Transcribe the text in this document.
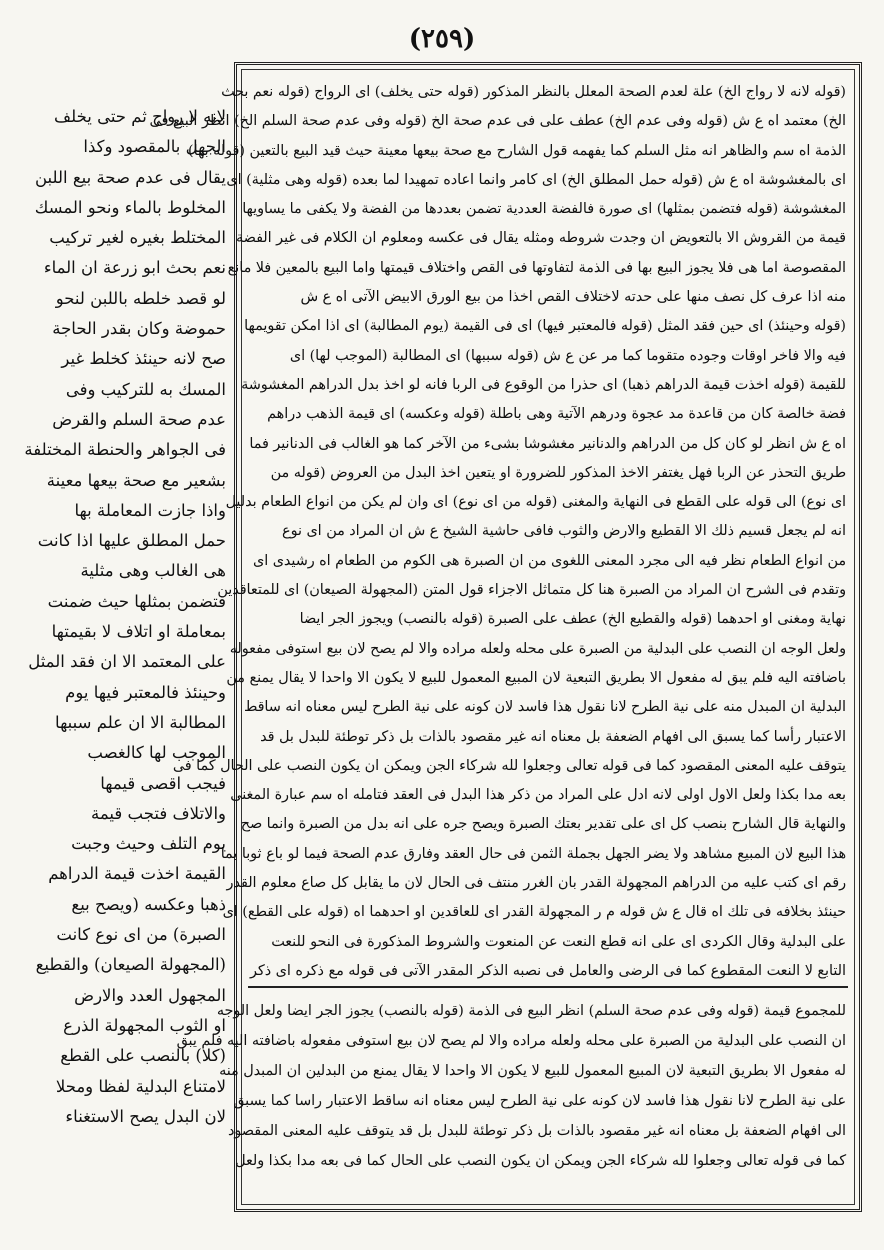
(٢٥٩)
لانه لا رواج ثم حتى يخلف
الجهل بالمقصود وكذا
يقال فى عدم صحة بيع اللبن
المخلوط بالماء ونحو المسك
المختلط بغيره لغير تركيب
نعم بحث ابو زرعة ان الماء
لو قصد خلطه باللبن لنحو
حموضة وكان بقدر الحاجة
صح لانه حينئذ كخلط غير
المسك به للتركيب وفى
عدم صحة السلم والقرض
فى الجواهر والحنطة المختلفة
بشعير مع صحة بيعها معينة
واذا جازت المعاملة بها
حمل المطلق عليها اذا كانت
هى الغالب وهى مثلية
فتضمن بمثلها حيث ضمنت
بمعاملة او اتلاف لا بقيمتها
على المعتمد الا ان فقد المثل
وحينئذ فالمعتبر فيها يوم
المطالبة الا ان علم سببها
الموجب لها كالغصب
فيجب اقصى قيمها
والاتلاف فتجب قيمة
يوم التلف وحيث وجبت
القيمة اخذت قيمة الدراهم
ذهبا وعكسه (ويصح بيع
الصبرة) من اى نوع كانت
(المجهولة الصيعان) والقطيع
المجهول العدد والارض
او الثوب المجهولة الذرع
(كلا) بالنصب على القطع
لامتناع البدلية لفظا ومحلا
لان البدل يصح الاستغناء
(قوله لانه لا رواج الخ) علة لعدم الصحة المعلل بالنظر المذكور (قوله حتى يخلف) اى الرواج (قوله نعم بحث
الخ) معتمد اه ع ش (قوله وفى عدم الخ) عطف على فى عدم صحة الخ (قوله وفى عدم صحة السلم الخ) انظر البيع فى
الذمة اه سم والظاهر انه مثل السلم كما يفهمه قول الشارح مع صحة بيعها معينة حيث قيد البيع بالتعين (قوله بها)
اى بالمغشوشة اه ع ش (قوله حمل المطلق الخ) اى كامر وانما اعاده تمهيدا لما بعده (قوله وهى مثلية) اى
المغشوشة (قوله فتضمن بمثلها) اى صورة فالفضة العددية تضمن بعددها من الفضة ولا يكفى ما يساويها
قيمة من القروش الا بالتعويض ان وجدت شروطه ومثله يقال فى عكسه ومعلوم ان الكلام فى غير الفضة
المقصوصة اما هى فلا يجوز البيع بها فى الذمة لتفاوتها فى القص واختلاف قيمتها واما البيع بالمعين فلا مانع
منه اذا عرف كل نصف منها على حدته لاختلاف القص اخذا من بيع الورق الابيض الآتى اه ع ش
(قوله وحينئذ) اى حين فقد المثل (قوله فالمعتبر فيها) اى فى القيمة (يوم المطالبة) اى اذا امكن تقويمها
فيه والا فاخر اوقات وجوده متقوما كما مر عن ع ش (قوله سببها) اى المطالبة (الموجب لها) اى
للقيمة (قوله اخذت قيمة الدراهم ذهبا) اى حذرا من الوقوع فى الربا فانه لو اخذ بدل الدراهم المغشوشة
فضة خالصة كان من قاعدة مد عجوة ودرهم الآتية وهى باطلة (قوله وعكسه) اى قيمة الذهب دراهم
اه ع ش انظر لو كان كل من الدراهم والدنانير مغشوشا بشىء من الآخر كما هو الغالب فى الدنانير فما
طريق التحذر عن الربا فهل يغتفر الاخذ المذكور للضرورة او يتعين اخذ البدل من العروض (قوله من
اى نوع) الى قوله على القطع فى النهاية والمغنى (قوله من اى نوع) اى وان لم يكن من انواع الطعام بدليل
انه لم يجعل قسيم ذلك الا القطيع والارض والثوب فافى حاشية الشيخ ع ش ان المراد من اى نوع
من انواع الطعام نظر فيه الى مجرد المعنى اللغوى من ان الصبرة هى الكوم من الطعام اه رشيدى اى
وتقدم فى الشرح ان المراد من الصبرة هنا كل متماثل الاجزاء قول المتن (المجهولة الصيعان) اى للمتعاقدين
نهاية ومغنى او احدهما (قوله والقطيع الخ) عطف على الصبرة (قوله بالنصب) ويجوز الجر ايضا
ولعل الوجه ان النصب على البدلية من الصبرة على محله ولعله مراده والا لم يصح لان بيع استوفى مفعوله
باضافته اليه فلم يبق له مفعول الا بطريق التبعية لان المبيع المعمول للبيع لا يكون الا واحدا لا يقال يمنع من
البدلية ان المبدل منه على نية الطرح لانا نقول هذا فاسد لان كونه على نية الطرح ليس معناه انه ساقط
الاعتبار رأسا كما يسبق الى افهام الضعفة بل معناه انه غير مقصود بالذات بل ذكر توطئة للبدل بل قد
يتوقف عليه المعنى المقصود كما فى قوله تعالى وجعلوا لله شركاء الجن ويمكن ان يكون النصب على الحال كما فى
بعه مدا بكذا ولعل الاول اولى لانه ادل على المراد من ذكر هذا البدل فى العقد فتامله اه سم عبارة المغنى
والنهاية قال الشارح بنصب كل اى على تقدير بعتك الصبرة ويصح جره على انه بدل من الصبرة وانما صح
هذا البيع لان المبيع مشاهد ولا يضر الجهل بجملة الثمن فى حال العقد وفارق عدم الصحة فيما لو باع ثوبا بما
رقم اى كتب عليه من الدراهم المجهولة القدر بان الغرر منتف فى الحال لان ما يقابل كل صاع معلوم القدر
حينئذ بخلافه فى تلك اه قال ع ش قوله م ر المجهولة القدر اى للعاقدين او احدهما اه (قوله على القطع) اى
على البدلية وقال الكردى اى على انه قطع النعت عن المنعوت والشروط المذكورة فى النحو للنعت
التابع لا النعت المقطوع كما فى الرضى والعامل فى نصبه الذكر المقدر الآتى فى قوله مع ذكره اى ذكر
للمجموع قيمة (قوله وفى عدم صحة السلم) انظر البيع فى الذمة (قوله بالنصب) يجوز الجر ايضا ولعل الوجه
ان النصب على البدلية من الصبرة على محله ولعله مراده والا لم يصح لان بيع استوفى مفعوله باضافته اليه فلم يبق
له مفعول الا بطريق التبعية لان المبيع المعمول للبيع لا يكون الا واحدا لا يقال يمنع من البدلين ان المبدل منه
على نية الطرح لانا نقول هذا فاسد لان كونه على نية الطرح ليس معناه انه ساقط الاعتبار راسا كما يسبق
الى افهام الضعفة بل معناه انه غير مقصود بالذات بل ذكر توطئة للبدل بل قد يتوقف عليه المعنى المقصود
كما فى قوله تعالى وجعلوا لله شركاء الجن ويمكن ان يكون النصب على الحال كما فى بعه مدا بكذا ولعل
